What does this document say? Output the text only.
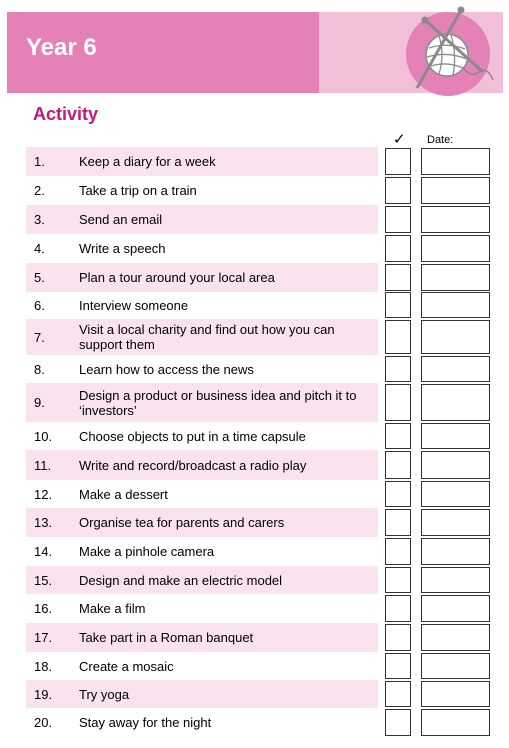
Year 6
Activity
✓ Date:
1.	Keep a diary for a week
2.	Take a trip on a train
3.	Send an email
4.	Write a speech
5.	Plan a tour around your local area
6.	Interview someone
7.	Visit a local charity and find out how you can support them
8.	Learn how to access the news
9.	Design a product or business idea and pitch it to ‘investors’
10.	Choose objects to put in a time capsule
11.	Write and record/broadcast a radio play
12.	Make a dessert
13.	Organise tea for parents and carers
14.	Make a pinhole camera
15.	Design and make an electric model
16.	Make a film
17.	Take part in a Roman banquet
18.	Create a mosaic
19.	Try yoga
20.	Stay away for the night
